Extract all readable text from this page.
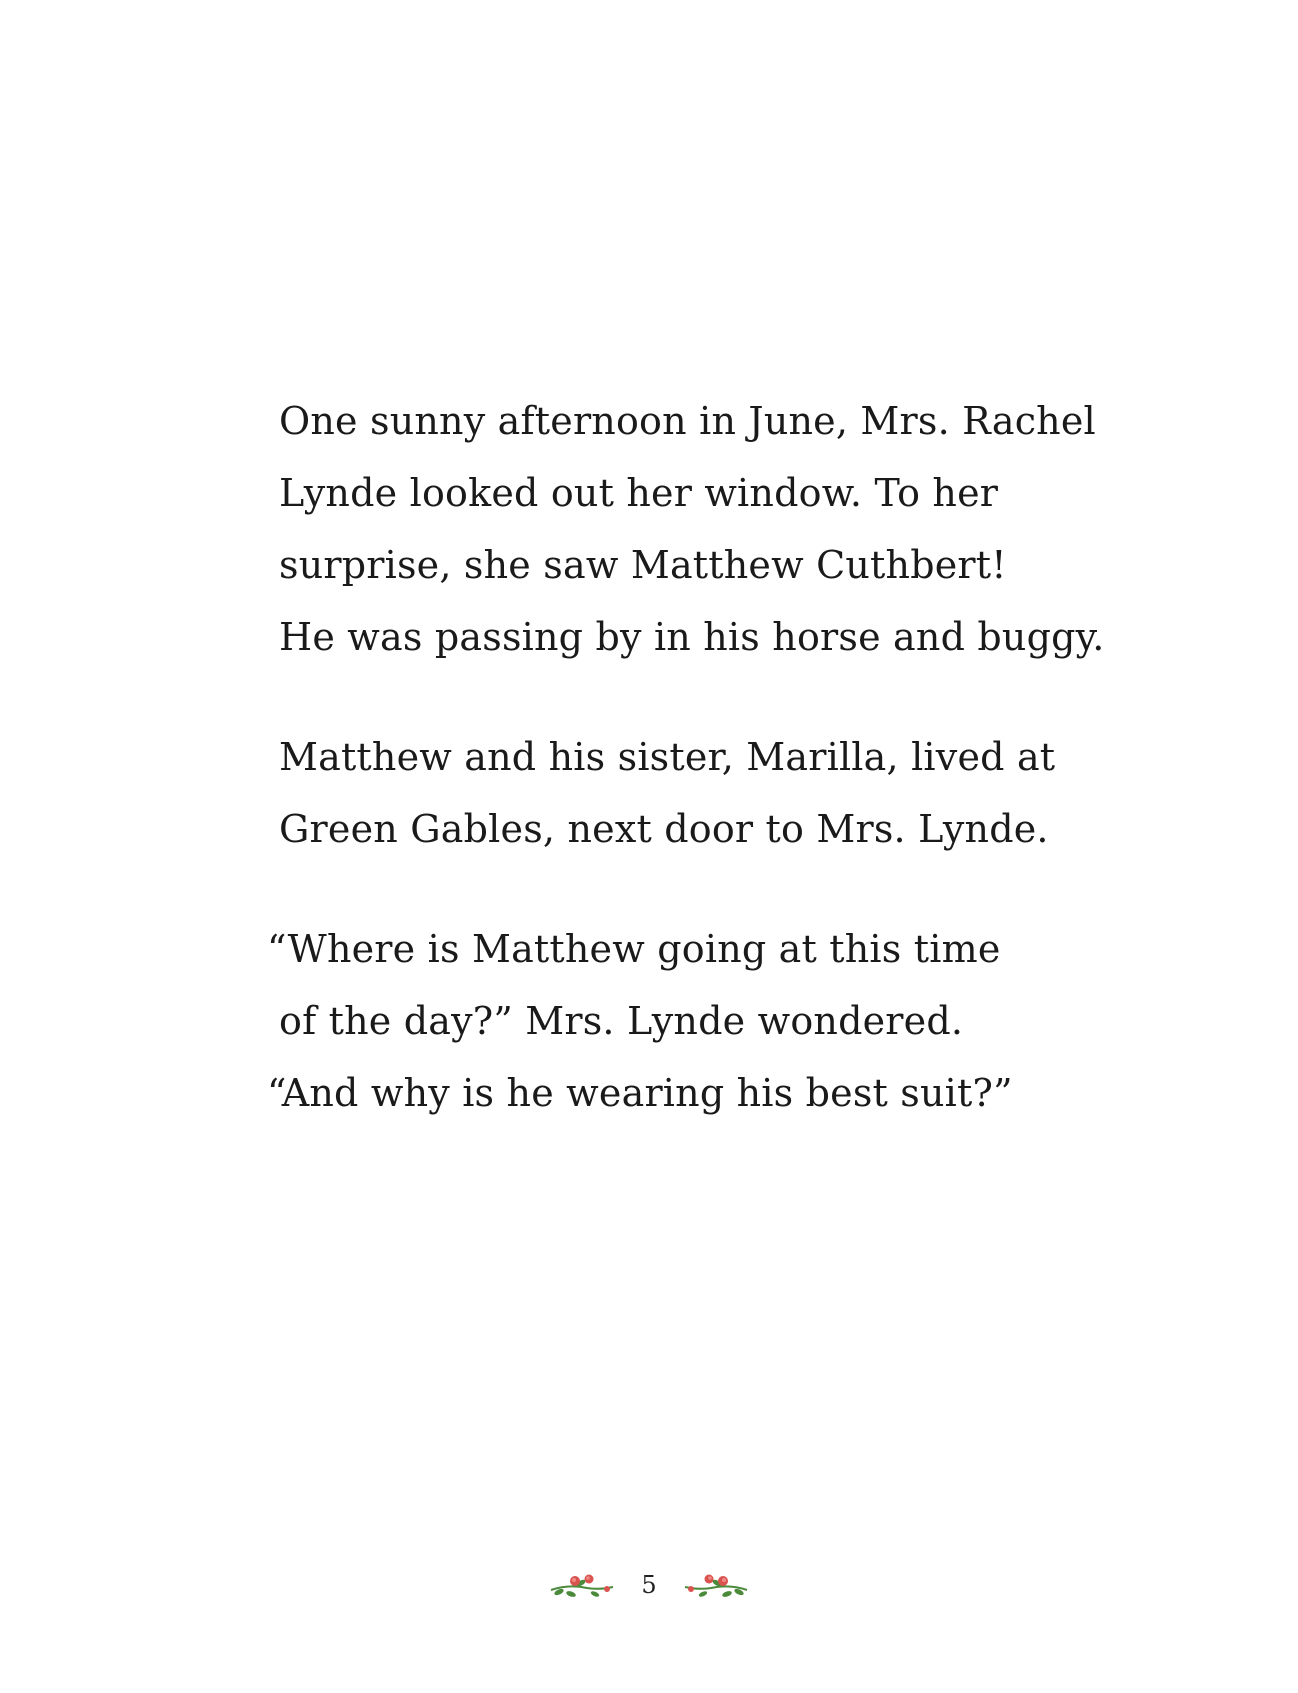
One sunny afternoon in June, Mrs. Rachel
Lynde looked out her window. To her
surprise, she saw Matthew Cuthbert!
He was passing by in his horse and buggy.
Matthew and his sister, Marilla, lived at
Green Gables, next door to Mrs. Lynde.
“Where is Matthew going at this time
of the day?” Mrs. Lynde wondered.
“And why is he wearing his best suit?”
5
